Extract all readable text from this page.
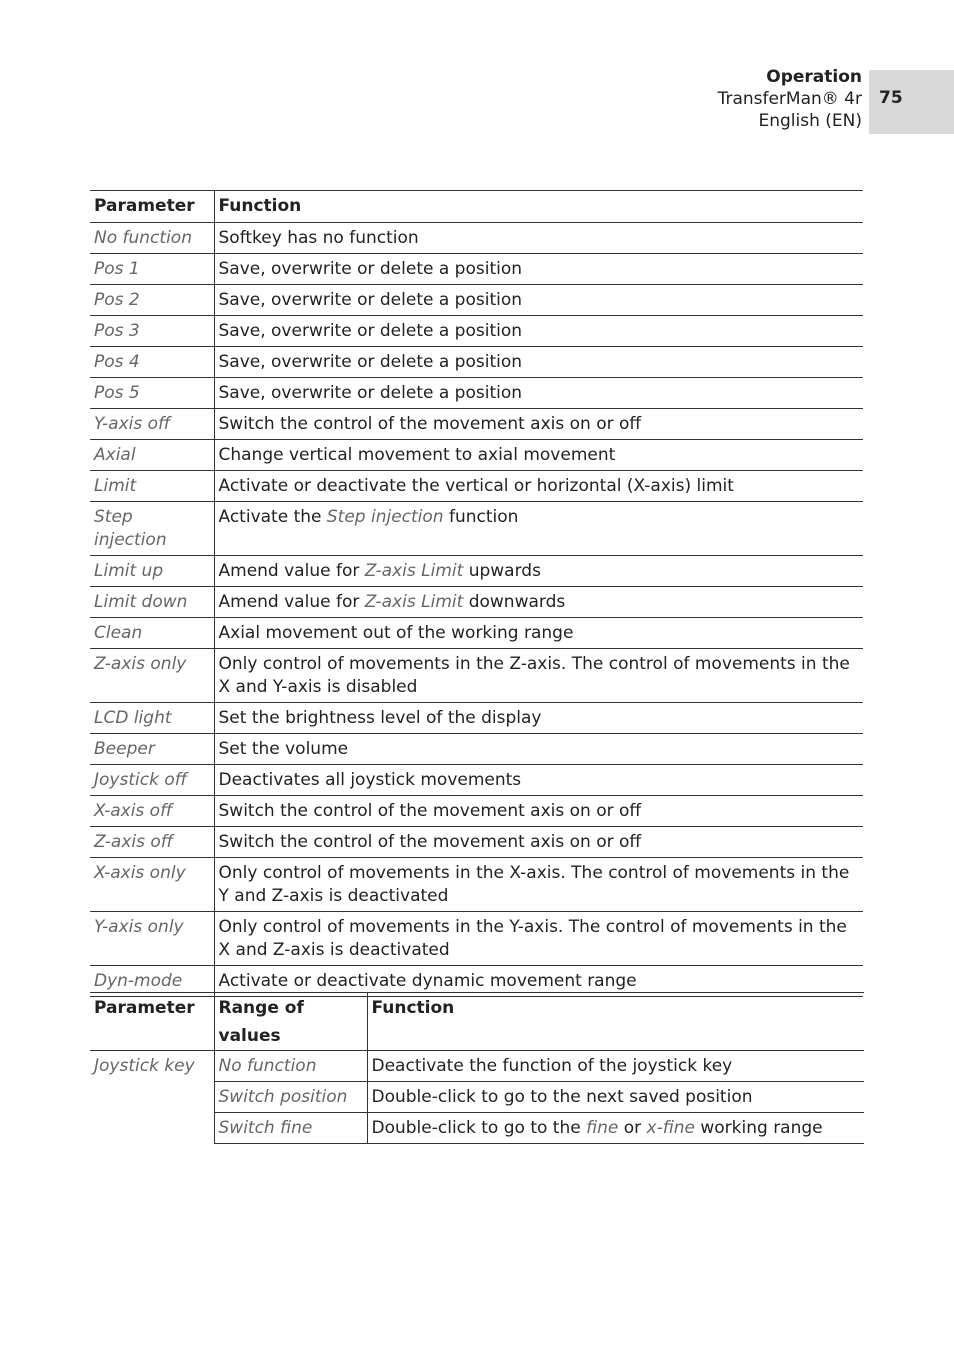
Operation
TransferMan® 4r
English (EN)
75
Parameter	Function
No function	Softkey has no function
Pos 1	Save, overwrite or delete a position
Pos 2	Save, overwrite or delete a position
Pos 3	Save, overwrite or delete a position
Pos 4	Save, overwrite or delete a position
Pos 5	Save, overwrite or delete a position
Y-axis off	Switch the control of the movement axis on or off
Axial	Change vertical movement to axial movement
Limit	Activate or deactivate the vertical or horizontal (X-axis) limit
Step injection	Activate the Step injection function
Limit up	Amend value for Z-axis Limit upwards
Limit down	Amend value for Z-axis Limit downwards
Clean	Axial movement out of the working range
Z-axis only	Only control of movements in the Z-axis. The control of movements in the
X and Y-axis is disabled

LCD light	Set the brightness level of the display
Beeper	Set the volume
Joystick off	Deactivates all joystick movements
X-axis off	Switch the control of the movement axis on or off
Z-axis off	Switch the control of the movement axis on or off
X-axis only	Only control of movements in the X-axis. The control of movements in the
Y and Z-axis is deactivated

Y-axis only	Only control of movements in the Y-axis. The control of movements in the
X and Z-axis is deactivated

Dyn-mode	Activate or deactivate dynamic movement range
Parameter	Range of values	Function
Joystick key	No function	Deactivate the function of the joystick key
	Switch position	Double-click to go to the next saved position
	Switch fine	Double-click to go to the fine or x-fine working range
